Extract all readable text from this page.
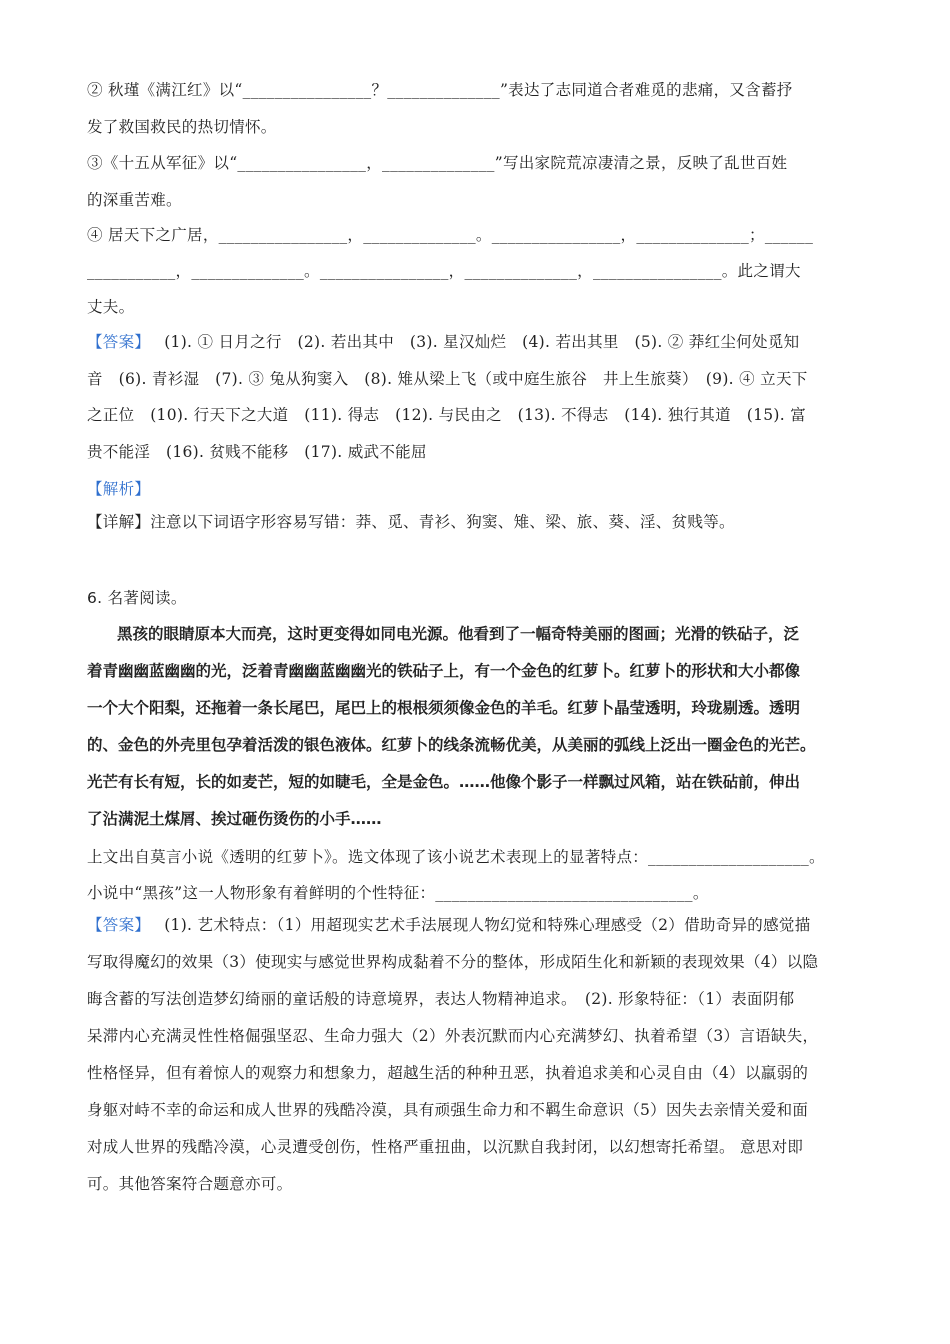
② 秋瑾《满江红》以“________________？______________”表达了志同道合者难觅的悲痛，又含蓄抒
发了救国救民的热切情怀。
③《十五从军征》以“________________，______________”写出家院荒凉凄清之景，反映了乱世百姓
的深重苦难。
④ 居天下之广居，________________，______________。________________，______________；______
___________，______________。________________，______________，________________。此之谓大
丈夫。
【答案】 (1). ① 日月之行　(2). 若出其中　(3). 星汉灿烂　(4). 若出其里　(5). ② 莽红尘何处觅知
音　(6). 青衫湿　(7). ③ 兔从狗窦入　(8). 雉从梁上飞（或中庭生旅谷　井上生旅葵）　(9). ④ 立天下
之正位　(10). 行天下之大道　(11). 得志　(12). 与民由之　(13). 不得志　(14). 独行其道　(15). 富
贵不能淫　(16). 贫贱不能移　(17). 威武不能屈
【解析】
【详解】注意以下词语字形容易写错：莽、觅、青衫、狗窦、雉、梁、旅、葵、淫、贫贱等。
6. 名著阅读。
黑孩的眼睛原本大而亮，这时更变得如同电光源。他看到了一幅奇特美丽的图画；光滑的铁砧子，泛
着青幽幽蓝幽幽的光，泛着青幽幽蓝幽幽光的铁砧子上，有一个金色的红萝卜。红萝卜的形状和大小都像
一个大个阳梨，还拖着一条长尾巴，尾巴上的根根须须像金色的羊毛。红萝卜晶莹透明，玲珑剔透。透明
的、金色的外壳里包孕着活泼的银色液体。红萝卜的线条流畅优美，从美丽的弧线上泛出一圈金色的光芒。
光芒有长有短，长的如麦芒，短的如睫毛，全是金色。……他像个影子一样飘过风箱，站在铁砧前，伸出
了沾满泥土煤屑、挨过砸伤烫伤的小手……
上文出自莫言小说《透明的红萝卜》。选文体现了该小说艺术表现上的显著特点：____________________。
小说中“黑孩”这一人物形象有着鲜明的个性特征：________________________________。
【答案】 (1). 艺术特点：（1）用超现实艺术手法展现人物幻觉和特殊心理感受（2）借助奇异的感觉描
写取得魔幻的效果（3）使现实与感觉世界构成黏着不分的整体，形成陌生化和新颖的表现效果（4）以隐
晦含蓄的写法创造梦幻绮丽的童话般的诗意境界，表达人物精神追求。　(2). 形象特征：（1）表面阴郁
呆滞内心充满灵性性格倔强坚忍、生命力强大（2）外表沉默而内心充满梦幻、执着希望（3）言语缺失，
性格怪异，但有着惊人的观察力和想象力，超越生活的种种丑恶，执着追求美和心灵自由（4）以羸弱的
身躯对峙不幸的命运和成人世界的残酷冷漠，具有顽强生命力和不羁生命意识（5）因失去亲情关爱和面
对成人世界的残酷冷漠，心灵遭受创伤，性格严重扭曲，以沉默自我封闭，以幻想寄托希望。 意思对即
可。其他答案符合题意亦可。
